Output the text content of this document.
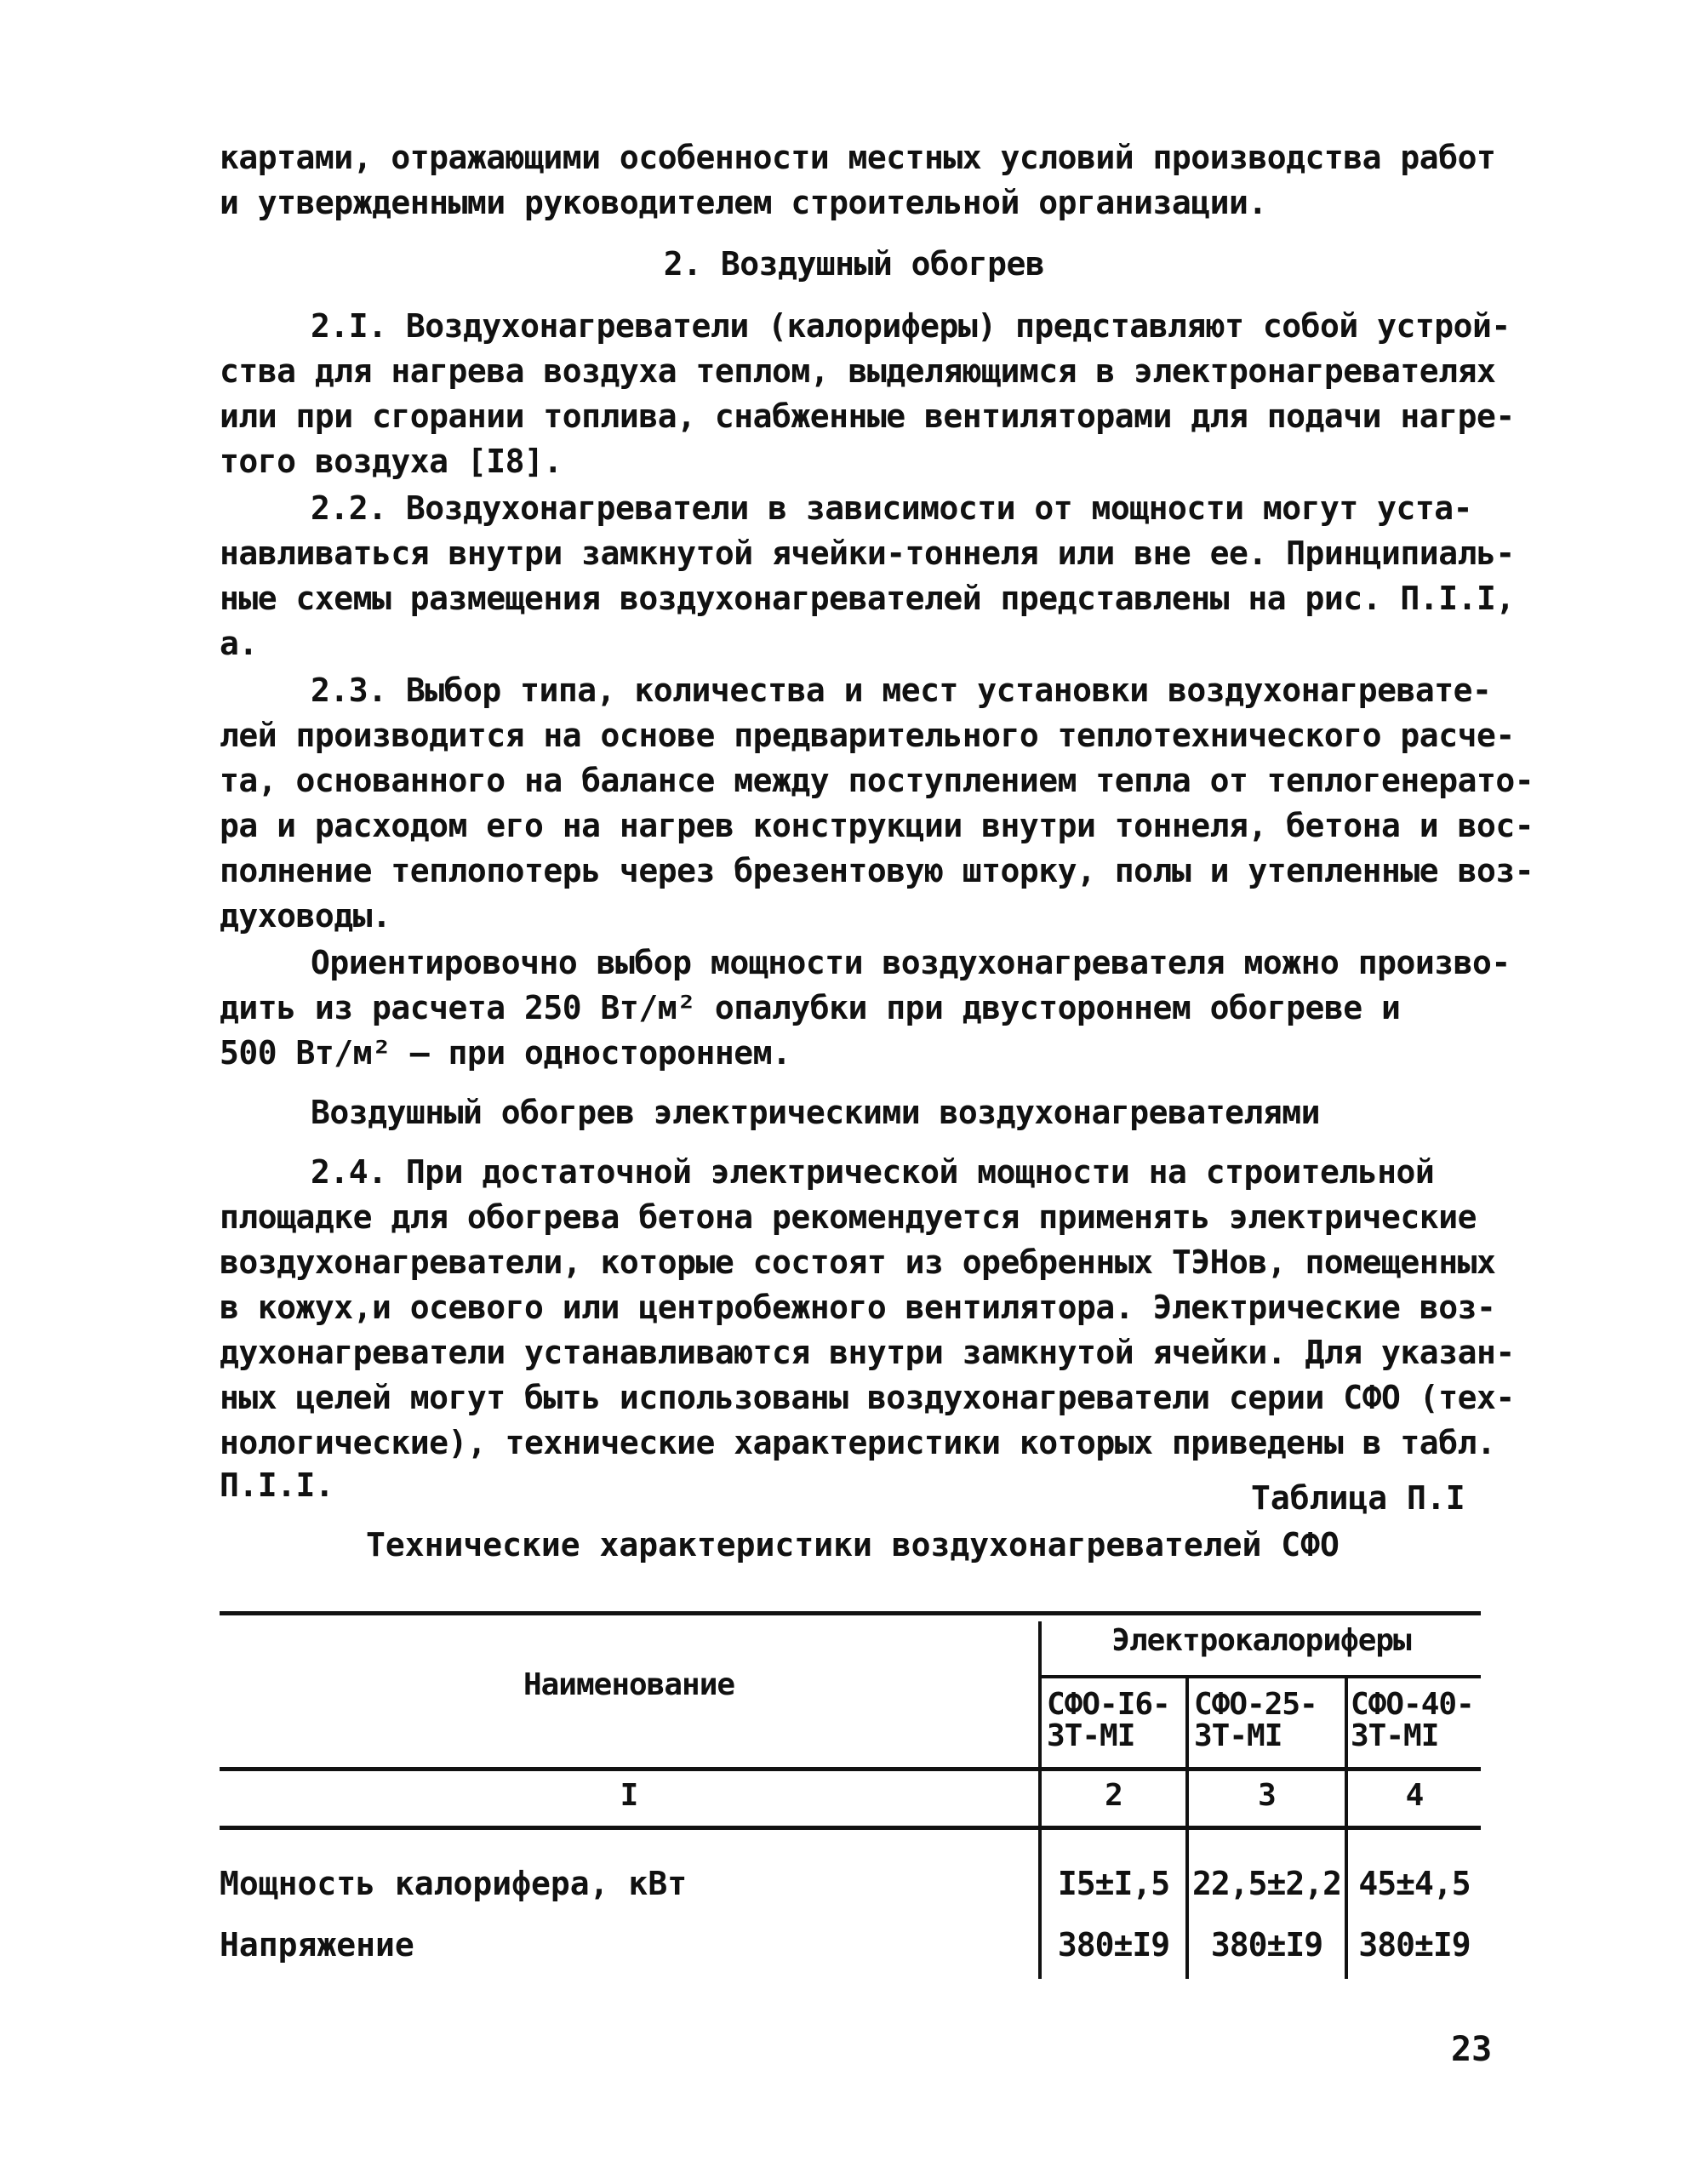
картами, отражающими особенности местных условий производства работ
и утвержденными руководителем строительной организации.
2. Воздушный обогрев
2.I. Воздухонагреватели (калориферы) представляют собой устрой-
ства для нагрева воздуха теплом, выделяющимся в электронагревателях
или при сгорании топлива, снабженные вентиляторами для подачи нагре-
того воздуха [I8].
2.2. Воздухонагреватели в зависимости от мощности могут уста-
навливаться внутри замкнутой ячейки-тоннеля или вне ее. Принципиаль-
ные схемы размещения воздухонагревателей представлены на рис. П.I.I,
а.
2.3. Выбор типа, количества и мест установки воздухонагревате-
лей производится на основе предварительного теплотехнического расче-
та, основанного на балансе между поступлением тепла от теплогенерато-
ра и расходом его на нагрев конструкции внутри тоннеля, бетона и вос-
полнение теплопотерь через брезентовую шторку, полы и утепленные воз-
духоводы.
Ориентировочно выбор мощности воздухонагревателя можно произво-
дить из расчета 250 Вт/м² опалубки при двустороннем обогреве и
500 Вт/м² – при одностороннем.
Воздушный обогрев электрическими воздухонагревателями
2.4. При достаточной электрической мощности на строительной
площадке для обогрева бетона рекомендуется применять электрические
воздухонагреватели, которые состоят из оребренных ТЭНов, помещенных
в кожух,и осевого или центробежного вентилятора. Электрические воз-
духонагреватели устанавливаются внутри замкнутой ячейки. Для указан-
ных целей могут быть использованы воздухонагреватели серии СФО (тех-
нологические), технические характеристики которых приведены в табл.
П.I.I.	Таблица П.I
Технические характеристики воздухонагревателей СФО
Наименование
Электрокалориферы
СФО-I6-
3Т-МI
СФО-25-
3Т-МI
СФО-40-
3Т-МI
I	2	3	4
Мощность калорифера, кВт	I5±I,5 22,5±2,2 45±4,5
Напряжение	380±I9	380±I9	380±I9
23
